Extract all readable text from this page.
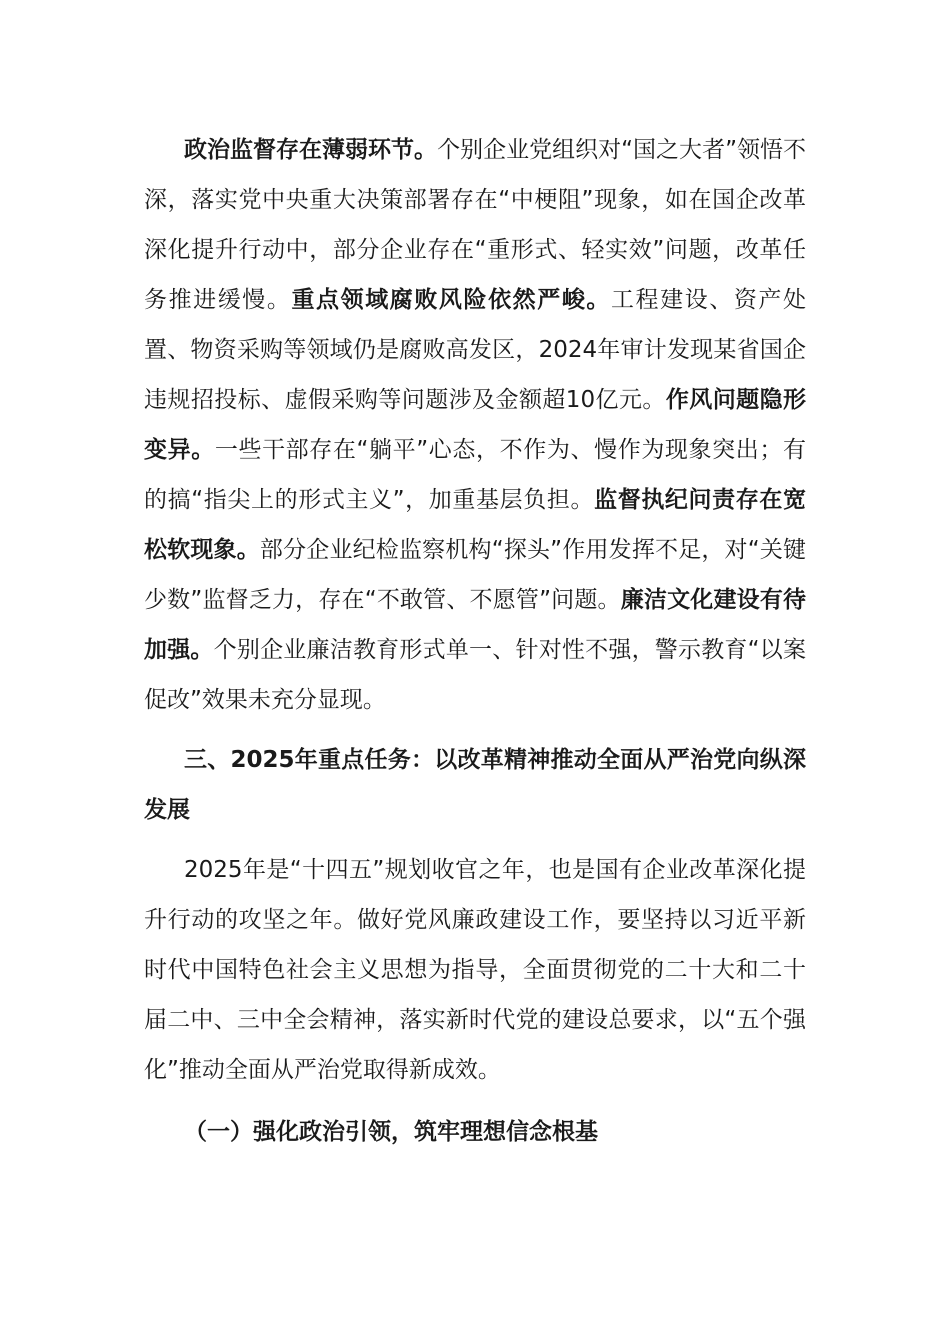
政治监督存在薄弱环节。个别企业党组织对“国之大者”领悟不深，落实党中央重大决策部署存在“中梗阻”现象，如在国企改革深化提升行动中，部分企业存在“重形式、轻实效”问题，改革任务推进缓慢。重点领域腐败风险依然严峻。工程建设、资产处置、物资采购等领域仍是腐败高发区，2024年审计发现某省国企违规招投标、虚假采购等问题涉及金额超10亿元。作风问题隐形变异。一些干部存在“躺平”心态，不作为、慢作为现象突出；有的搞“指尖上的形式主义”，加重基层负担。监督执纪问责存在宽松软现象。部分企业纪检监察机构“探头”作用发挥不足，对“关键少数”监督乏力，存在“不敢管、不愿管”问题。廉洁文化建设有待加强。个别企业廉洁教育形式单一、针对性不强，警示教育“以案促改”效果未充分显现。

三、2025年重点任务：以改革精神推动全面从严治党向纵深发展

2025年是“十四五”规划收官之年，也是国有企业改革深化提升行动的攻坚之年。做好党风廉政建设工作，要坚持以习近平新时代中国特色社会主义思想为指导，全面贯彻党的二十大和二十届二中、三中全会精神，落实新时代党的建设总要求，以“五个强化”推动全面从严治党取得新成效。

（一）强化政治引领，筑牢理想信念根基
